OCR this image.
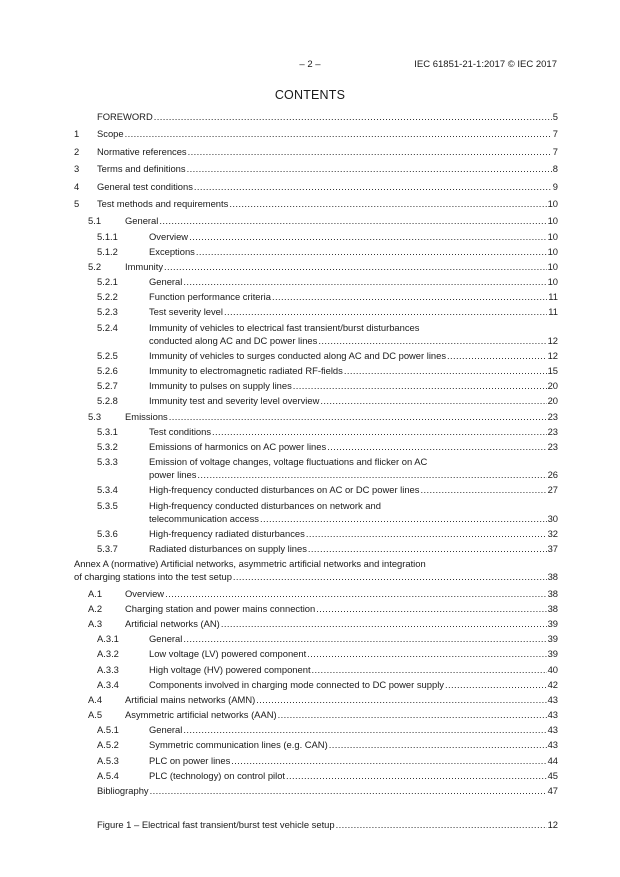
– 2 –	IEC 61851-21-1:2017 © IEC 2017
CONTENTS
FOREWORD .....	5
1	Scope .....	7
2	Normative references .....	7
3	Terms and definitions .....	8
4	General test conditions .....	9
5	Test methods and requirements .....	10
5.1	General .....	10
5.1.1	Overview .....	10
5.1.2	Exceptions .....	10
5.2	Immunity .....	10
5.2.1	General .....	10
5.2.2	Function performance criteria .....	11
5.2.3	Test severity level .....	11
5.2.4	Immunity of vehicles to electrical fast transient/burst disturbances
conducted along AC and DC power lines .....	12
5.2.5	Immunity of vehicles to surges conducted along AC and DC power lines .....	12
5.2.6	Immunity to electromagnetic radiated RF-fields .....	15
5.2.7	Immunity to pulses on supply lines .....	20
5.2.8	Immunity test and severity level overview .....	20
5.3	Emissions .....	23
5.3.1	Test conditions .....	23
5.3.2	Emissions of harmonics on AC power lines .....	23
5.3.3	Emission of voltage changes, voltage fluctuations and flicker on AC
power lines .....	26
5.3.4	High-frequency conducted disturbances on AC or DC power lines .....	27
5.3.5	High-frequency conducted disturbances on network and
telecommunication access .....	30
5.3.6	High-frequency radiated disturbances .....	32
5.3.7	Radiated disturbances on supply lines .....	37
Annex A (normative) Artificial networks, asymmetric artificial networks and integration
of charging stations into the test setup .....	38
A.1	Overview .....	38
A.2	Charging station and power mains connection .....	38
A.3	Artificial networks (AN) .....	39
A.3.1	General .....	39
A.3.2	Low voltage (LV) powered component .....	39
A.3.3	High voltage (HV) powered component .....	40
A.3.4	Components involved in charging mode connected to DC power supply .....	42
A.4	Artificial mains networks (AMN) .....	43
A.5	Asymmetric artificial networks (AAN) .....	43
A.5.1	General .....	43
A.5.2	Symmetric communication lines (e.g. CAN) .....	43
A.5.3	PLC on power lines .....	44
A.5.4	PLC (technology) on control pilot .....	45
Bibliography .....	47
Figure 1 – Electrical fast transient/burst test vehicle setup .....	12
